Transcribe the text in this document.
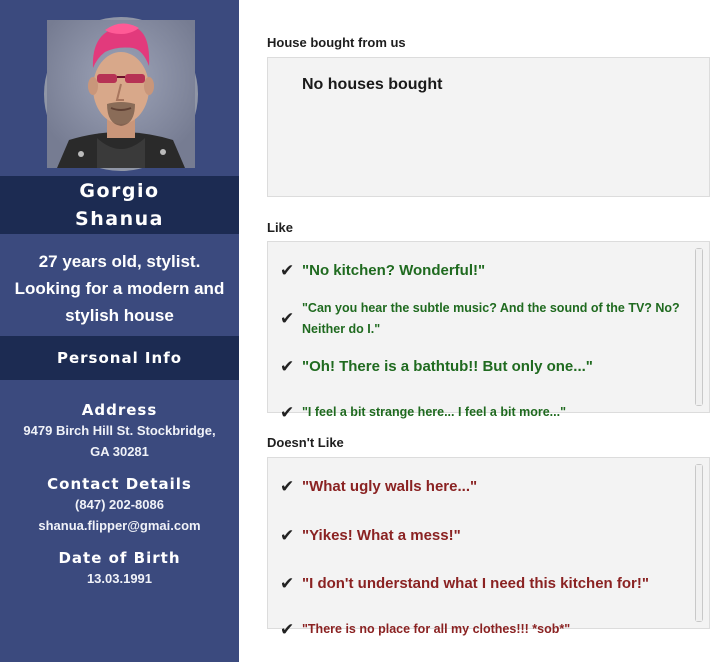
Gorgio
Shanua
27 years old, stylist. Looking for a modern and stylish house
Personal Info
Address
9479 Birch Hill St. Stockbridge, GA 30281
Contact Details
(847) 202-8086
shanua.flipper@gmai.com
Date of Birth
13.03.1991
House bought from us
No houses bought
Like
✔ "No kitchen? Wonderful!"
✔
"Can you hear the subtle music? And the sound of the TV? No? Neither do I."
✔ "Oh! There is a bathtub!! But only one..."
✔ "I feel a bit strange here... I feel a bit more..."
Doesn't Like
✔ "What ugly walls here..."
✔ "Yikes! What a mess!"
✔ "I don't understand what I need this kitchen for!"
✔ "There is no place for all my clothes!!! *sob*"
